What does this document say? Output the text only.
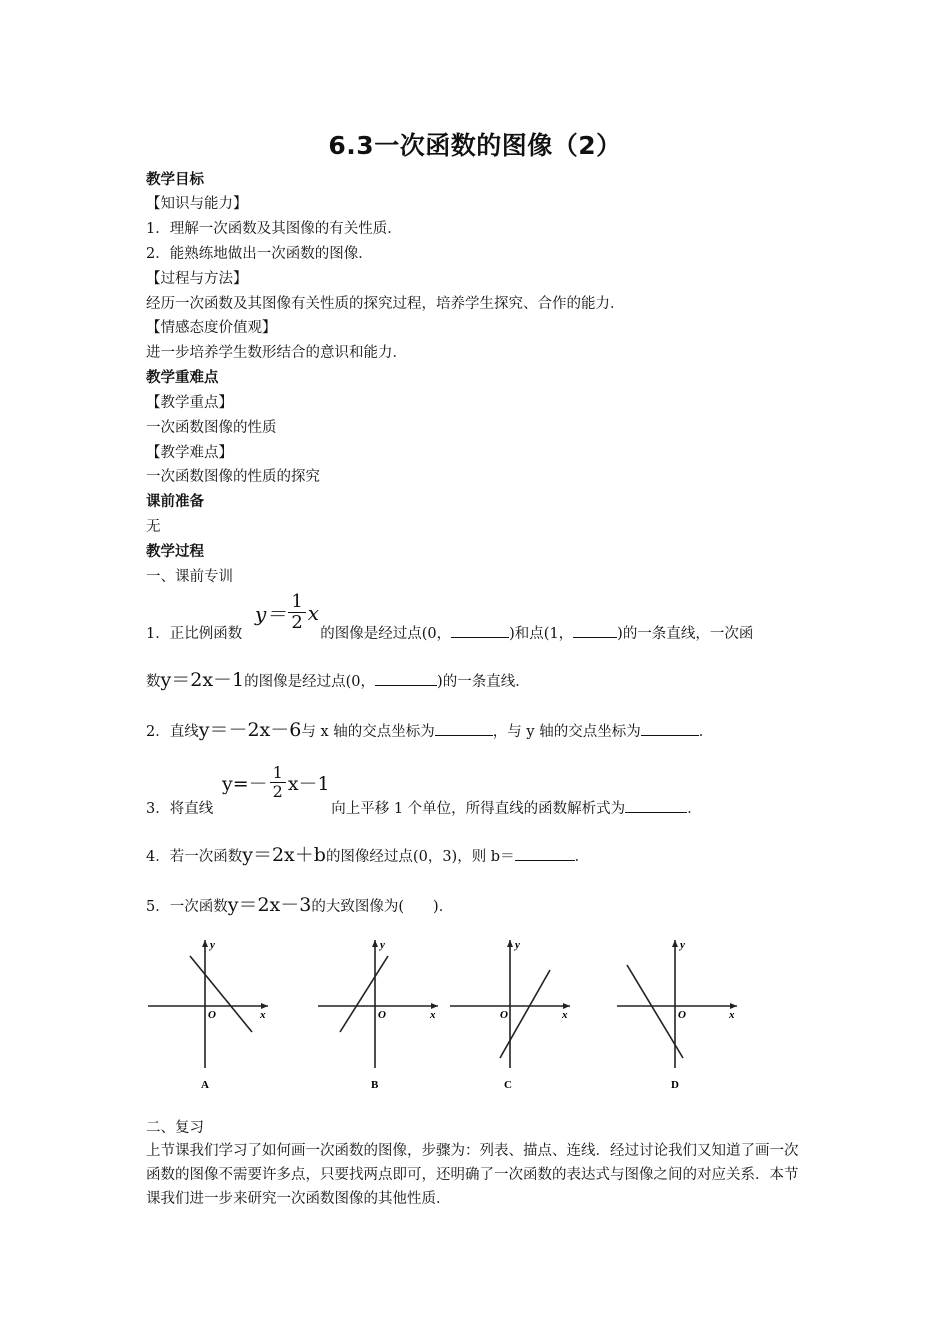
6.3一次函数的图像（2）
教学目标
【知识与能力】
1．理解一次函数及其图像的有关性质．
2．能熟练地做出一次函数的图像．
【过程与方法】
经历一次函数及其图像有关性质的探究过程，培养学生探究、合作的能力．
【情感态度价值观】
进一步培养学生数形结合的意识和能力．
教学重难点
【教学重点】
一次函数图像的性质
【教学难点】
一次函数图像的性质的探究
课前准备
无
教学过程
一、课前专训
$y= \frac{1}{2}$ x
1．正比例函数	的图像是经过点(0，	)和点(1，	)的一条直线，一次函
数y＝2x－1的图像是经过点(0，	)的一条直线．
2．直线y＝－2x－6与 x 轴的交点坐标为	，与 y 轴的交点坐标为	．
$y=- \frac{1}{2} x-1$
3．将直线	向上平移 1 个单位，所得直线的函数解析式为	．
4．若一次函数y＝2x＋b的图像经过点(0，3)，则 b＝	．
5．一次函数y＝2x－3的大致图像为(　　)．
y
x
O
A
y
x
O
B
y
x
O
C
y
x
O
D
二、复习
上节课我们学习了如何画一次函数的图像，步骤为：列表、描点、连线．经过讨论我们又知道了画一次函数的图像不需要许多点，只要找两点即可，还明确了一次函数的表达式与图像之间的对应关系．本节课我们进一步来研究一次函数图像的其他性质．
